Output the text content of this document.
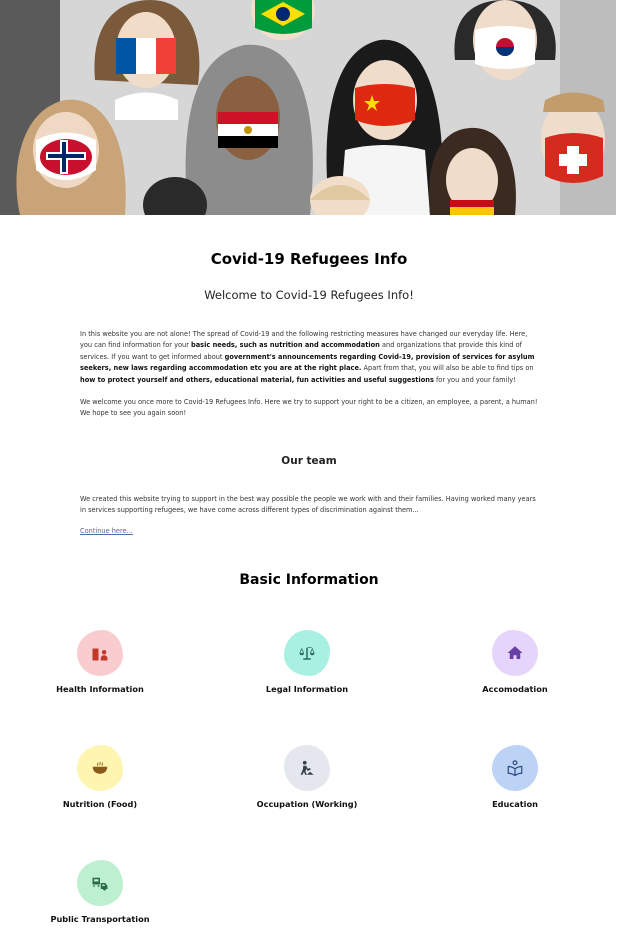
Covid-19 Refugees Info

Welcome to Covid-19 Refugees Info!

In this website you are not alone! The spread of Covid-19 and the following restricting measures have changed our everyday life. Here, you can find information for your basic needs, such as nutrition and accommodation and organizations that provide this kind of services. If you want to get informed about government's announcements regarding Covid-19, provision of services for asylum seekers, new laws regarding accommodation etc you are at the right place. Apart from that, you will also be able to find tips on how to protect yourself and others, educational material, fun activities and useful suggestions for you and your family!

We welcome you once more to Covid-19 Refugees Info. Here we try to support your right to be a citizen, an employee, a parent, a human! We hope to see you again soon!

Our team

We created this website trying to support in the best way possible the people we work with and their families. Having worked many years in services supporting refugees, we have come across different types of discrimination against them...

Continue here...
Basic Information
Health Information	Legal Information	Accomodation
Nutrition (Food)	Occupation (Working)	Education
Public Transportation
